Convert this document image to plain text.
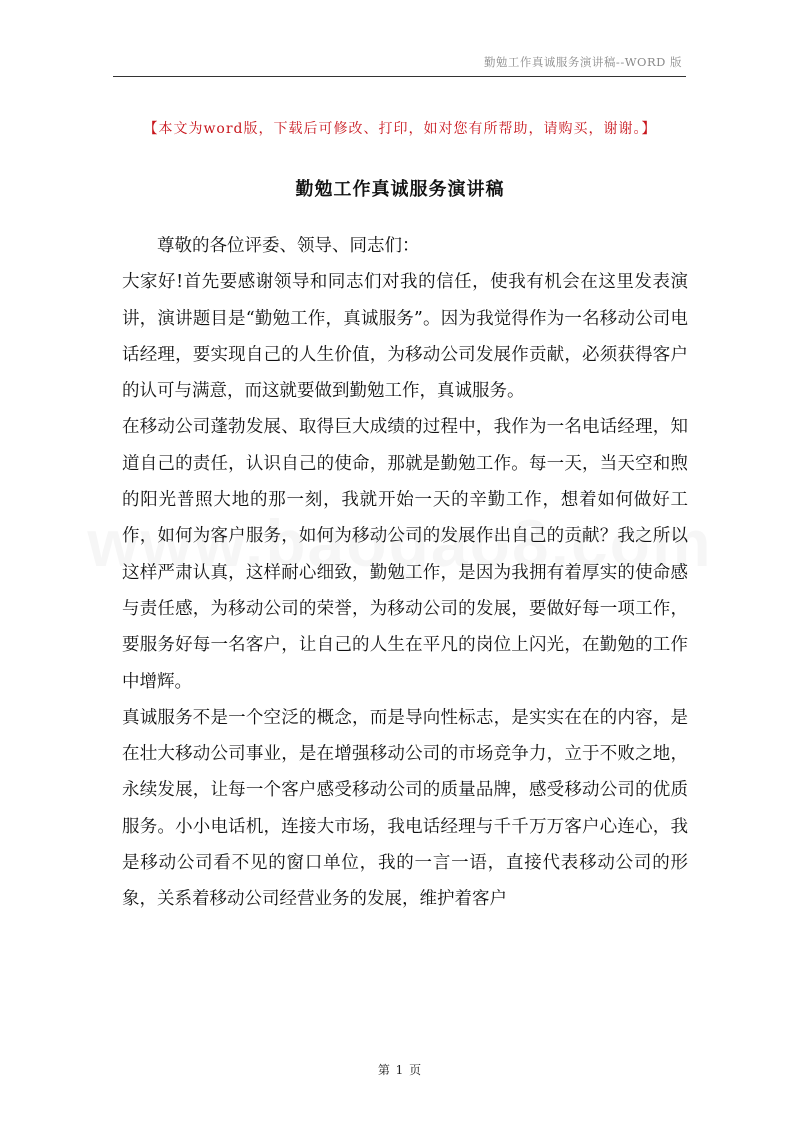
勤勉工作真诚服务演讲稿--WORD 版
【本文为word版，下载后可修改、打印，如对您有所帮助，请购买，谢谢。】
勤勉工作真诚服务演讲稿

尊敬的各位评委、领导、同志们：

大家好!首先要感谢领导和同志们对我的信任，使我有机会在这里发表演讲，演讲题目是“勤勉工作，真诚服务”。因为我觉得作为一名移动公司电话经理，要实现自己的人生价值，为移动公司发展作贡献，必须获得客户的认可与满意，而这就要做到勤勉工作，真诚服务。

在移动公司蓬勃发展、取得巨大成绩的过程中，我作为一名电话经理，知道自己的责任，认识自己的使命，那就是勤勉工作。每一天，当天空和煦的阳光普照大地的那一刻，我就开始一天的辛勤工作，想着如何做好工作，如何为客户服务，如何为移动公司的发展作出自己的贡献？我之所以这样严肃认真，这样耐心细致，勤勉工作，是因为我拥有着厚实的使命感与责任感，为移动公司的荣誉，为移动公司的发展，要做好每一项工作，要服务好每一名客户，让自己的人生在平凡的岗位上闪光，在勤勉的工作中增辉。

真诚服务不是一个空泛的概念，而是导向性标志，是实实在在的内容，是在壮大移动公司事业，是在增强移动公司的市场竞争力，立于不败之地，永续发展，让每一个客户感受移动公司的质量品牌，感受移动公司的优质服务。小小电话机，连接大市场，我电话经理与千千万万客户心连心，我是移动公司看不见的窗口单位，我的一言一语，直接代表移动公司的形象，关系着移动公司经营业务的发展，维护着客户

第 1 页
